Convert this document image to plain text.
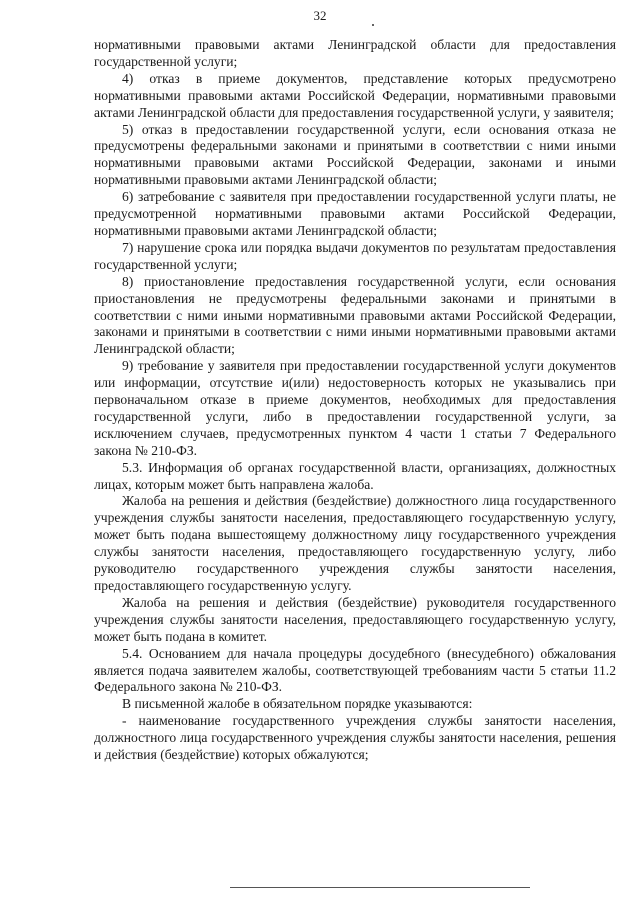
32

нормативными правовыми актами Ленинградской области для предоставления государственной услуги;

4) отказ в приеме документов, представление которых предусмотрено нормативными правовыми актами Российской Федерации, нормативными правовыми актами Ленинградской области для предоставления государственной услуги, у заявителя;

5) отказ в предоставлении государственной услуги, если основания отказа не предусмотрены федеральными законами и принятыми в соответствии с ними иными нормативными правовыми актами Российской Федерации, законами и иными нормативными правовыми актами Ленинградской области;

6) затребование с заявителя при предоставлении государственной услуги платы, не предусмотренной нормативными правовыми актами Российской Федерации, нормативными правовыми актами Ленинградской области;

7) нарушение срока или порядка выдачи документов по результатам предоставления государственной услуги;

8) приостановление предоставления государственной услуги, если основания приостановления не предусмотрены федеральными законами и принятыми в соответствии с ними иными нормативными правовыми актами Российской Федерации, законами и принятыми в соответствии с ними иными нормативными правовыми актами Ленинградской области;

9) требование у заявителя при предоставлении государственной услуги документов или информации, отсутствие и(или) недостоверность которых не указывались при первоначальном отказе в приеме документов, необходимых для предоставления государственной услуги, либо в предоставлении государственной услуги, за исключением случаев, предусмотренных пунктом 4 части 1 статьи 7 Федерального закона № 210-ФЗ.

5.3. Информация об органах государственной власти, организациях, должностных лицах, которым может быть направлена жалоба.

Жалоба на решения и действия (бездействие) должностного лица государственного учреждения службы занятости населения, предоставляющего государственную услугу, может быть подана вышестоящему должностному лицу государственного учреждения службы занятости населения, предоставляющего государственную услугу, либо руководителю государственного учреждения службы занятости населения, предоставляющего государственную услугу.

Жалоба на решения и действия (бездействие) руководителя государственного учреждения службы занятости населения, предоставляющего государственную услугу, может быть подана в комитет.

5.4. Основанием для начала процедуры досудебного (внесудебного) обжалования является подача заявителем жалобы, соответствующей требованиям части 5 статьи 11.2 Федерального закона № 210-ФЗ.

В письменной жалобе в обязательном порядке указываются:

- наименование государственного учреждения службы занятости населения, должностного лица государственного учреждения службы занятости населения, решения и действия (бездействие) которых обжалуются;
